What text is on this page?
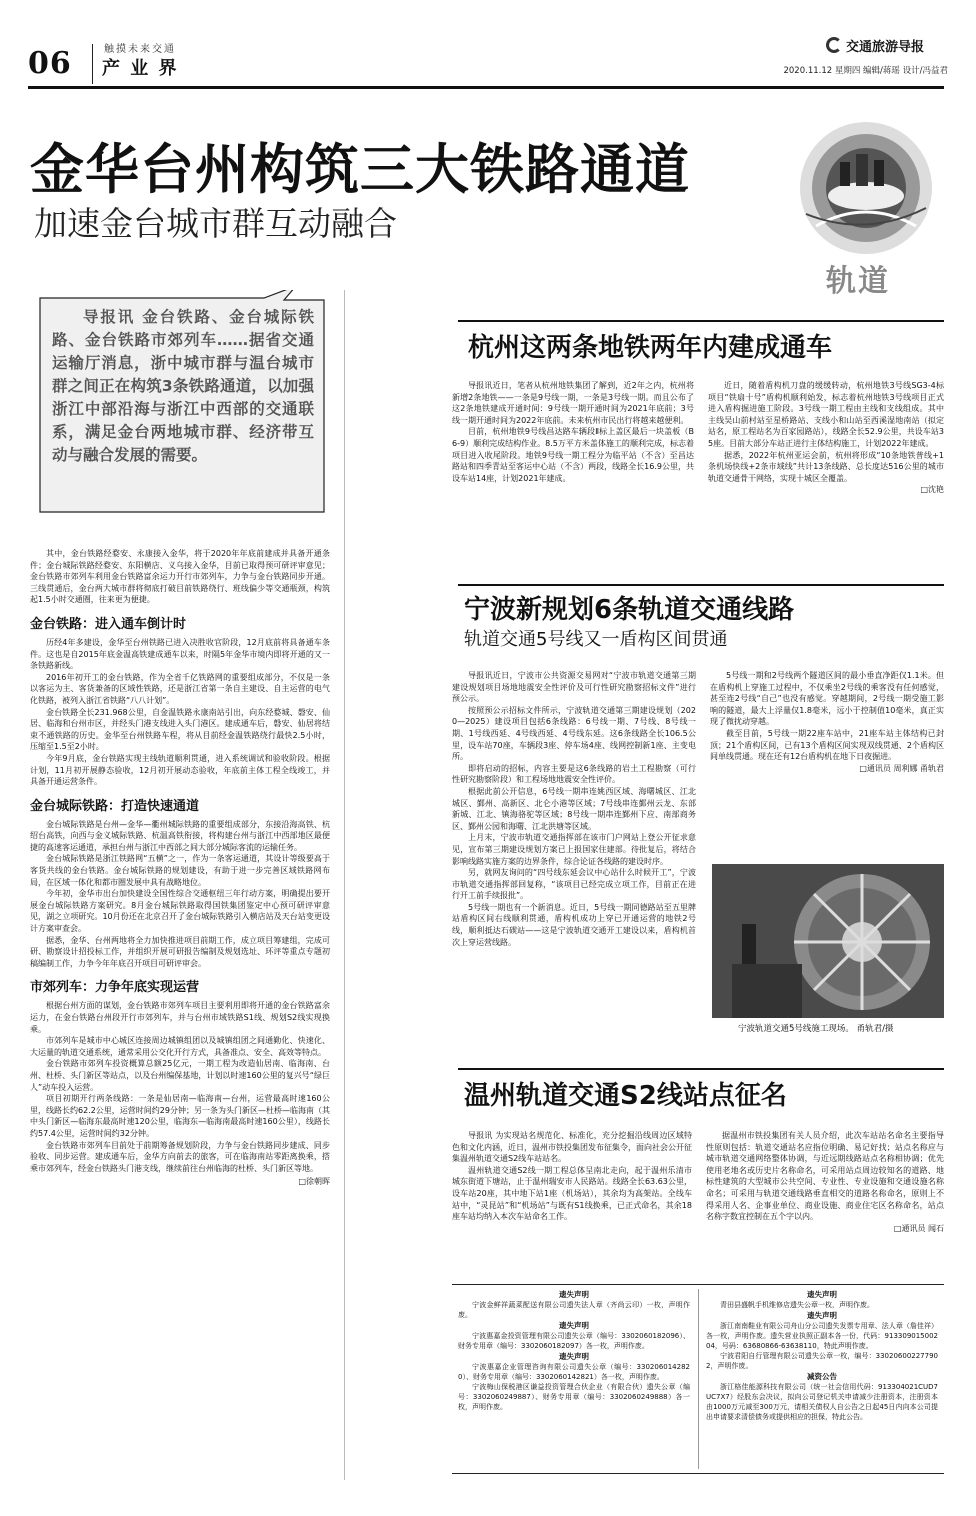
06	触摸未来交通
产 业 界
交通旅游导报
2020.11.12 星期四 编辑/蒋瑶 设计/冯益君
金华台州构筑三大铁路通道
加速金台城市群互动融合
轨道
导报讯 金台铁路、金台城际铁路、金台铁路市郊列车……据省交通运输厅消息，浙中城市群与温台城市群之间正在构筑3条铁路通道，以加强浙江中部沿海与浙江中西部的交通联系，满足金台两地城市群、经济带互动与融合发展的需要。

其中，金台铁路经婺安、永康接入金华，将于2020年年底前建成并具备开通条件；金台城际铁路经婺安、东阳横店、义乌接入金华，目前已取得预可研评审意见；金台铁路市郊列车利用金台铁路富余运力开行市郊列车，力争与金台铁路同步开通。三线贯通后，金台两大城市群将彻底打破目前铁路绕行、班线偏少等交通瓶颈，构筑起1.5小时交通圈，往来更为便捷。

金台铁路：进入通车倒计时

历经4年多建设，金华至台州铁路已进入决胜收官阶段，12月底前将具备通车条件。这也是自2015年底金温高铁建成通车以来，时隔5年金华市境内即将开通的又一条铁路新线。

2016年初开工的金台铁路，作为全省千亿铁路网的重要组成部分，不仅是一条以客运为主、客货兼备的区域性铁路，还是浙江省第一条自主建设、自主运营的电气化铁路，被列入浙江省铁路“八八计划”。

金台铁路全长231.968公里，自金温铁路永康南站引出，向东经婺城、磐安、仙居、临海和台州市区，并经头门港支线进入头门港区。建成通车后，磐安、仙居将结束不通铁路的历史。金华至台州铁路车程，将从目前经金温铁路绕行最快2.5小时，压缩至1.5至2小时。

今年9月底，金台铁路实现主线轨道顺利贯通，进入系统调试和验收阶段。根据计划，11月初开展静态验收，12月初开展动态验收，年底前主体工程全线竣工，并具备开通运营条件。

金台城际铁路：打造快速通道

金台城际铁路是台州—金华—衢州城际铁路的重要组成部分，东接沿海高铁、杭绍台高铁，向西与金义城际铁路、杭温高铁衔接，将构建台州与浙江中西部地区最便捷的高速客运通道，承担台州与浙江中西部之间大部分城际客流的运输任务。

金台城际铁路是浙江铁路网“五横”之一，作为一条客运通道，其设计等级要高于客货共线的金台铁路。金台城际铁路的规划建设，有助于进一步完善区域铁路网布局，在区域一体化和都市圈发展中具有战略地位。

今年初，金华市出台加快建设全国性综合交通枢纽三年行动方案，明确提出要开展金台城际铁路方案研究。8月金台城际铁路取得国铁集团鉴定中心预可研评审意见，湖之立项研究。10月份还在北京召开了金台城际铁路引入横店站及天台站变更设计方案审查会。

据悉，金华、台州两地将全力加快推进项目前期工作，成立项目筹建组，完成可研、勘察设计招投标工作，并组织开展可研报告编制及规划选址、环评等重点专题初稿编制工作，力争今年年底召开项目可研评审会。

市郊列车：力争年底实现运营

根据台州方面的谋划，金台铁路市郊列车项目主要利用即将开通的金台铁路富余运力，在金台铁路台州段开行市郊列车，并与台州市域铁路S1线、规划S2线实现换乘。

市郊列车是城市中心城区连接周边城镇组团以及城镇组团之间通勤化、快速化、大运量的轨道交通系统，通常采用公交化开行方式，具备准点、安全、高效等特点。

金台铁路市郊列车投资概算总额25亿元，一期工程为改造仙居南、临海南、台州、杜桥、头门新区等站点，以及台州编保基地，计划以时速160公里的复兴号“绿巨人”动车投入运营。

项目初期开行两条线路：一条是仙居南—临海南—台州，运营最高时速160公里，线路长约62.2公里，运营时间约29分钟；另一条为头门新区—杜桥—临海南（其中头门新区—临海东最高时速120公里，临海东—临海南最高时速160公里），线路长约57.4公里，运营时间约32分钟。

金台铁路市郊列车目前处于前期筹备规划阶段，力争与金台铁路同步建成、同步验收、同步运营。建成通车后，金华方向前去的旅客，可在临海南站零距离换乘，搭乘市郊列车，经金台铁路头门港支线，继续前往台州临海的杜桥、头门新区等地。

□徐朝晖
杭州这两条地铁两年内建成通车

导报讯近日，笔者从杭州地铁集团了解到，近2年之内，杭州将新增2条地铁——一条是9号线一期，一条是3号线一期。而且公布了这2条地铁建成开通时间：9号线一期开通时间为2021年底前；3号线一期开通时间为2022年底前。未来杭州市民出行将越来越便利。

目前，杭州地铁9号线昌达路车辆段Ⅱ标上盖区最后一块盖板（B6-9）顺利完成结构作业。8.5万平方米盖体施工的顺利完成，标志着项目进入收尾阶段。地铁9号线一期工程分为临平站（不含）至昌达路站和四季青站至客运中心站（不含）两段，线路全长16.9公里，共设车站14座，计划2021年建成。

近日，随着盾构机刀盘的缓缓转动，杭州地铁3号线SG3-4标项目“铁扇十号”盾构机顺利始发，标志着杭州地铁3号线项目正式进入盾构掘进施工阶段。3号线一期工程由主线和支线组成。其中主线吴山前村站至星桥路站、支线小和山站至西溪湿地南站（拟定站名，原工程站名为百家园路站），线路全长52.9公里，共设车站35座。目前大部分车站正进行主体结构施工，计划2022年建成。

据悉，2022年杭州亚运会前，杭州将形成“10条地铁普线+1条机场快线+2条市域线”共计13条线路、总长度达516公里的城市轨道交通骨干网络，实现十城区全覆盖。

□沈艳
宁波新规划6条轨道交通线路
轨道交通5号线又一盾构区间贯通

导报讯近日，宁波市公共资源交易网对“宁波市轨道交通第三期建设规划项目场地地震安全性评价及可行性研究勘察招标文件”进行预公示。

按照预公示招标文件所示，宁波轨道交通第三期建设规划（2020—2025）建设项目包括6条线路：6号线一期、7号线、8号线一期、1号线西延、4号线西延、4号线东延。这6条线路全长106.5公里，设车站70座，车辆段3座、停车场4座、线网控制新1座、主变电所。

即将启动的招标，内容主要是这6条线路的岩土工程勘察（可行性研究勘察阶段）和工程场地地震安全性评价。

根据此前公开信息，6号线一期串连姚西区域、海曙城区、江北城区、鄞州、高新区、北仑小港等区域；7号线串连鄞州云龙、东部新城、江北、镇海骆驼等区域；8号线一期串连鄞州下应、南部商务区、鄞州公园和海曙、江北洪塘等区域。

上月末，宁波市轨道交通指挥部在该市门户网站上登公开征求意见，宣布第三期建设规划方案已上报国家住建部。待批复后，将结合影响线路实施方案的边界条件，综合论证各线路的建设时序。

另，就网友询问的“四号线东延会议中心站什么时候开工”，宁波市轨道交通指挥部回复称，“该项目已经完成立项工作，目前正在进行开工前手续报批”。

5号线一期也有一个新消息。近日，5号线一期同德路站至五里牌站盾构区间右线顺利贯通，盾构机成功上穿已开通运营的地铁2号线，顺利抵达石碶站——这是宁波轨道交通开工建设以来，盾构机首次上穿运营线路。

5号线一期和2号线两个隧道区间的最小垂直净距仅1.1米。但在盾构机上穿施工过程中，不仅乘坐2号线的乘客没有任何感觉，甚至连2号线“自己”也没有感觉。穿越期间，2号线一期受施工影响的隧道，最大上浮量仅1.8毫米，远小于控制值10毫米，真正实现了微扰动穿越。

截至目前，5号线一期22座车站中，21座车站主体结构已封顶；21个盾构区间，已有13个盾构区间实现双线贯通、2个盾构区间单线贯通。现在还有12台盾构机在地下日夜掘进。

□通讯员 周利娜 甬轨君
宁波轨道交通5号线施工现场。 甬轨君/摄
温州轨道交通S2线站点征名

导报讯 为实现站名规范化、标准化，充分挖掘沿线周边区域特色和文化内涵，近日，温州市铁投集团发布征集令，面向社会公开征集温州轨道交通S2线车站站名。

温州轨道交通S2线一期工程总体呈南北走向，起于温州乐清市城东街道下塘站，止于温州瑞安市人民路站。线路全长63.63公里，设车站20座，其中地下站1座（机场站），其余均为高架站。全线车站中，“灵昆站”和“机场站”与既有S1线换乘，已正式命名，其余18座车站均纳入本次车站命名工作。

据温州市铁投集团有关人员介绍，此次车站站名命名主要指导性原则包括：轨道交通站名应指位明确、易记好找；站点名称应与城市轨道交通网络整体协调，与近远期线路站点名称相协调；优先使用老地名或历史片名称命名，可采用站点周边较知名的道路、地标性建筑的大型城市公共空间、专业性、专业设施和交通设施名称命名；可采用与轨道交通线路垂直相交的道路名称命名，原则上不得采用人名、企事业单位、商业设施、商业住宅区名称命名，站点名称字数宜控制在五个字以内。

□通讯员 闻石
遗失声明
宁波金鲜祥蔬菜配送有限公司遗失法人章（齐尚云印）一枚，声明作废。
遗失声明
宁波惠嘉金投资管理有限公司遗失公章（编号：3302060182096）、财务专用章（编号：3302060182097）各一枚，声明作废。
遗失声明
宁波惠嘉企业管理咨询有限公司遗失公章（编号：3302060142820）、财务专用章（编号：3302060142821）各一枚，声明作废。
宁波梅山保税港区谦益投资管理合伙企业（有限合伙）遗失公章（编号：3302060249887）、财务专用章（编号：3302060249888）各一枚，声明作废。
遗失声明
青田县盛帆手机维修店遗失公章一枚，声明作废。
遗失声明
浙江南南鞋业有限公司舟山分公司遗失发票专用章、法人章（詹佳祥）各一枚，声明作废。遗失营业执照正副本各一份，代码：91330901500204，号码：63680866-63638110，特此声明作废。
宁波君阳自行管理有限公司遗失公章一枚，编号：330206002277902，声明作废。
减资公告
浙江格佳能源科技有限公司（统一社会信用代码：913304021CUD7UC7X7）经股东会决议，拟向公司登记机关申请减少注册资本，注册资本由1000万元减至300万元，请相关债权人自公告之日起45日内向本公司提出申请要求清偿债务或提供相应的担保，特此公告。
